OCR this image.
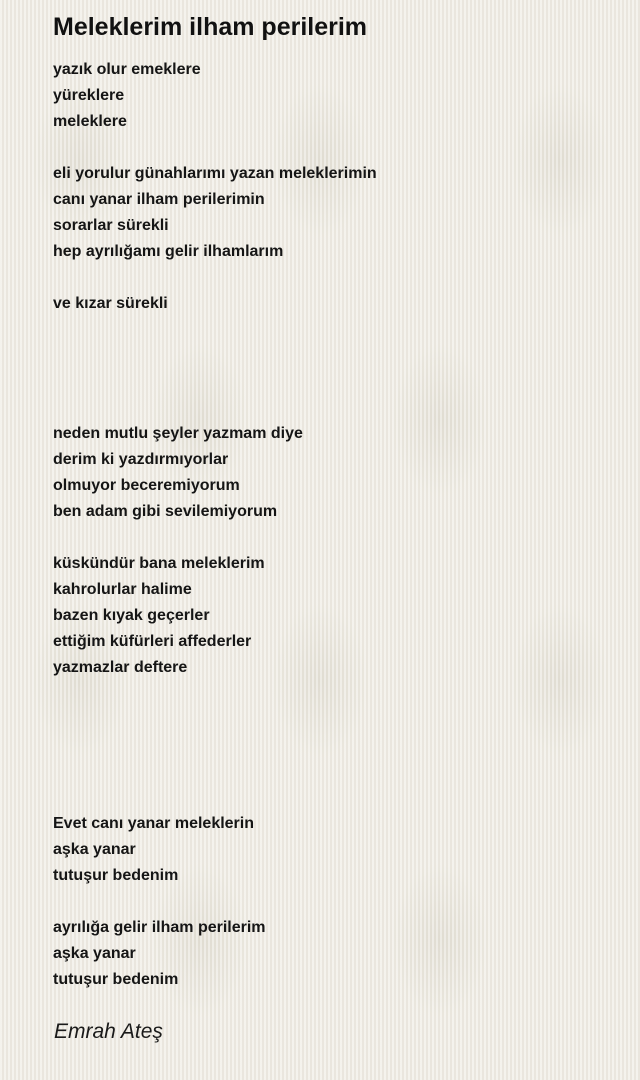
Meleklerim ilham perilerim
yazık olur emeklere
yüreklere
meleklere
eli yorulur günahlarımı yazan meleklerimin
canı yanar ilham perilerimin
sorarlar sürekli
hep ayrılığamı gelir ilhamlarım
ve kızar sürekli
neden mutlu şeyler yazmam diye
derim ki yazdırmıyorlar
olmuyor beceremiyorum
ben adam gibi sevilemiyorum
küskündür bana meleklerim
kahrolurlar halime
bazen kıyak geçerler
ettiğim küfürleri affederler
yazmazlar deftere
Evet canı yanar meleklerin
aşka yanar
tutuşur bedenim
ayrılığa gelir ilham perilerim
aşka yanar
tutuşur bedenim

Emrah Ateş
